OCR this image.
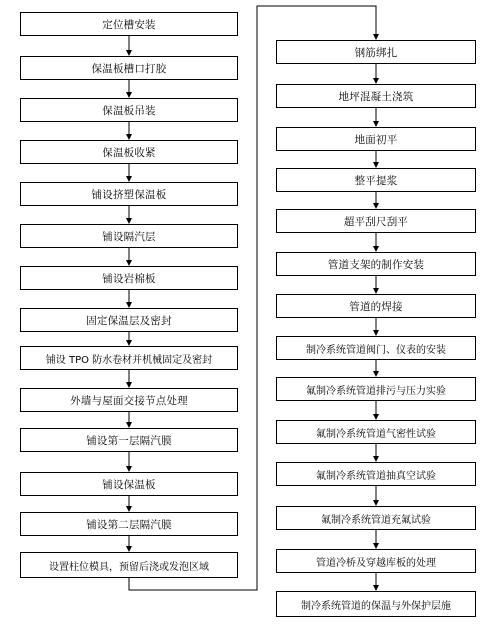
定位槽安装
保温板槽口打胶
保温板吊装
保温板收紧
铺设挤塑保温板
铺设隔汽层
铺设岩棉板
固定保温层及密封
铺设 TPO 防水卷材并机械固定及密封
外墙与屋面交接节点处理
铺设第一层隔汽膜
铺设保温板
铺设第二层隔汽膜
设置柱位模具，预留后浇或发泡区域
钢筋绑扎
地坪混凝土浇筑
地面初平
整平提浆
超平刮尺刮平
管道支架的制作安装
管道的焊接
制冷系统管道阀门、仪表的安装
氟制冷系统管道排污与压力实验
氟制冷系统管道气密性试验
氟制冷系统管道抽真空试验
氟制冷系统管道充氟试验
管道冷桥及穿越库板的处理
制冷系统管道的保温与外保护层施
